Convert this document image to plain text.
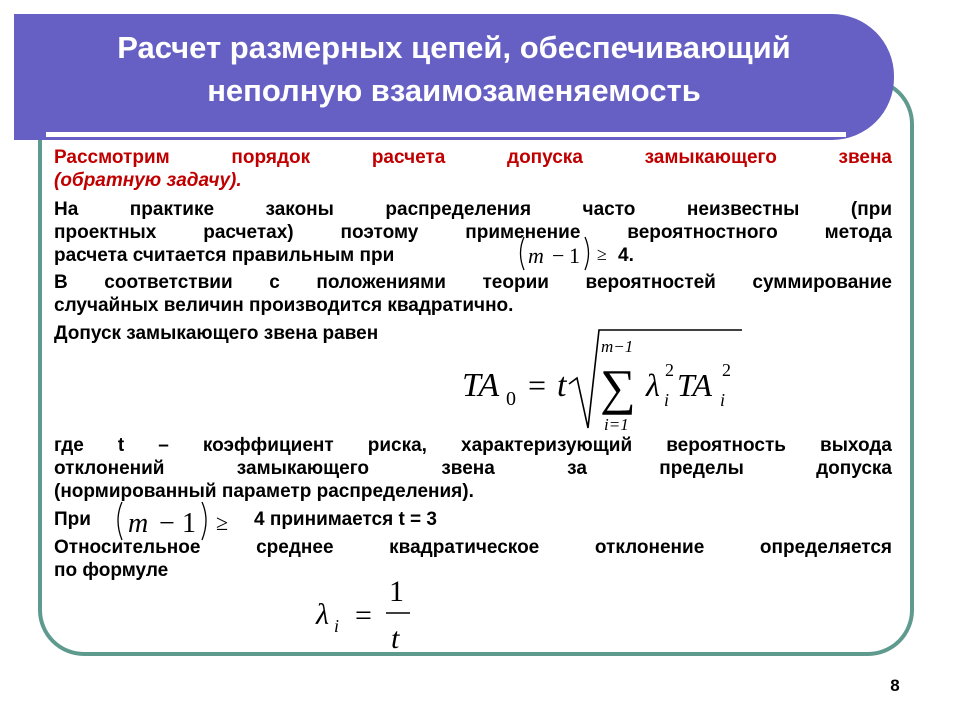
Расчет размерных цепей, обеспечивающий
неполную взаимозаменяемость

Рассмотрим порядок расчета допуска замыкающего звена

(обратную задачу).

На практике законы распределения часто неизвестны (при

проектных расчетах) поэтому применение вероятностного метода

расчета считается правильным при	m − 1 ≥ 4.

В соответствии с положениями теории вероятностей суммирование

случайных величин производится квадратично.

Допуск замыкающего звена равен

TA 0 = t
m−1
∑
i=1
λ 2
i TA 2
i

где t – коэффициент риска, характеризующий вероятность выхода

отклонений замыкающего звена за пределы допуска

(нормированный параметр распределения).

При m − 1 ≥ 4 принимается t = 3

Относительное среднее квадратическое отклонение определяется

по формуле

λ i =
1
t
8
